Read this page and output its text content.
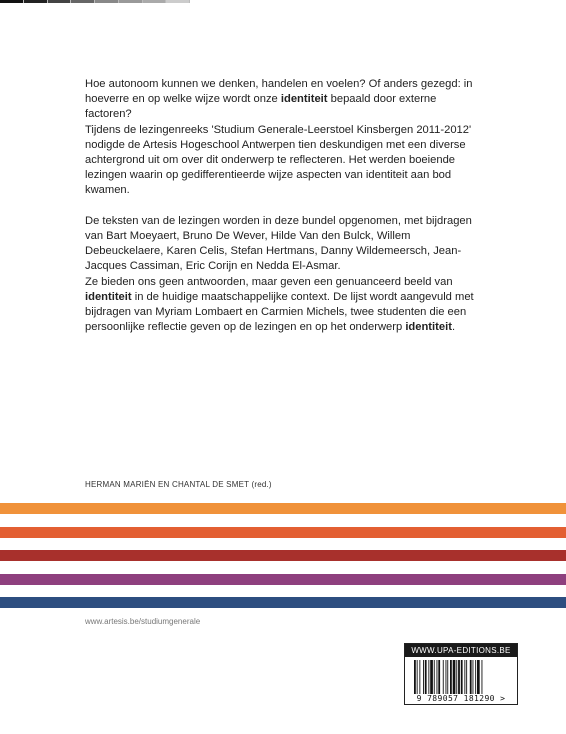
Hoe autonoom kunnen we denken, handelen en voelen? Of anders gezegd: in hoeverre en op welke wijze wordt onze identiteit bepaald door externe factoren?

Tijdens de lezingenreeks 'Studium Generale-Leerstoel Kinsbergen 2011-2012' nodigde de Artesis Hogeschool Antwerpen tien deskundigen met een diverse achtergrond uit om over dit onderwerp te reflecteren. Het werden boeiende lezingen waarin op gedifferentieerde wijze aspecten van identiteit aan bod kwamen.

De teksten van de lezingen worden in deze bundel opgenomen, met bijdragen van Bart Moeyaert, Bruno De Wever, Hilde Van den Bulck, Willem Debeuckelaere, Karen Celis, Stefan Hertmans, Danny Wildemeersch, Jean-Jacques Cassiman, Eric Corijn en Nedda El-Asmar.

Ze bieden ons geen antwoorden, maar geven een genuanceerd beeld van identiteit in de huidige maatschappelijke context. De lijst wordt aangevuld met bijdragen van Myriam Lombaert en Carmien Michels, twee studenten die een persoonlijke reflectie geven op de lezingen en op het onderwerp identiteit.

HERMAN MARIËN EN CHANTAL DE SMET (red.)
www.artesis.be/studiumgenerale
WWW.UPA-EDITIONS.BE
9 789057 181290 >
